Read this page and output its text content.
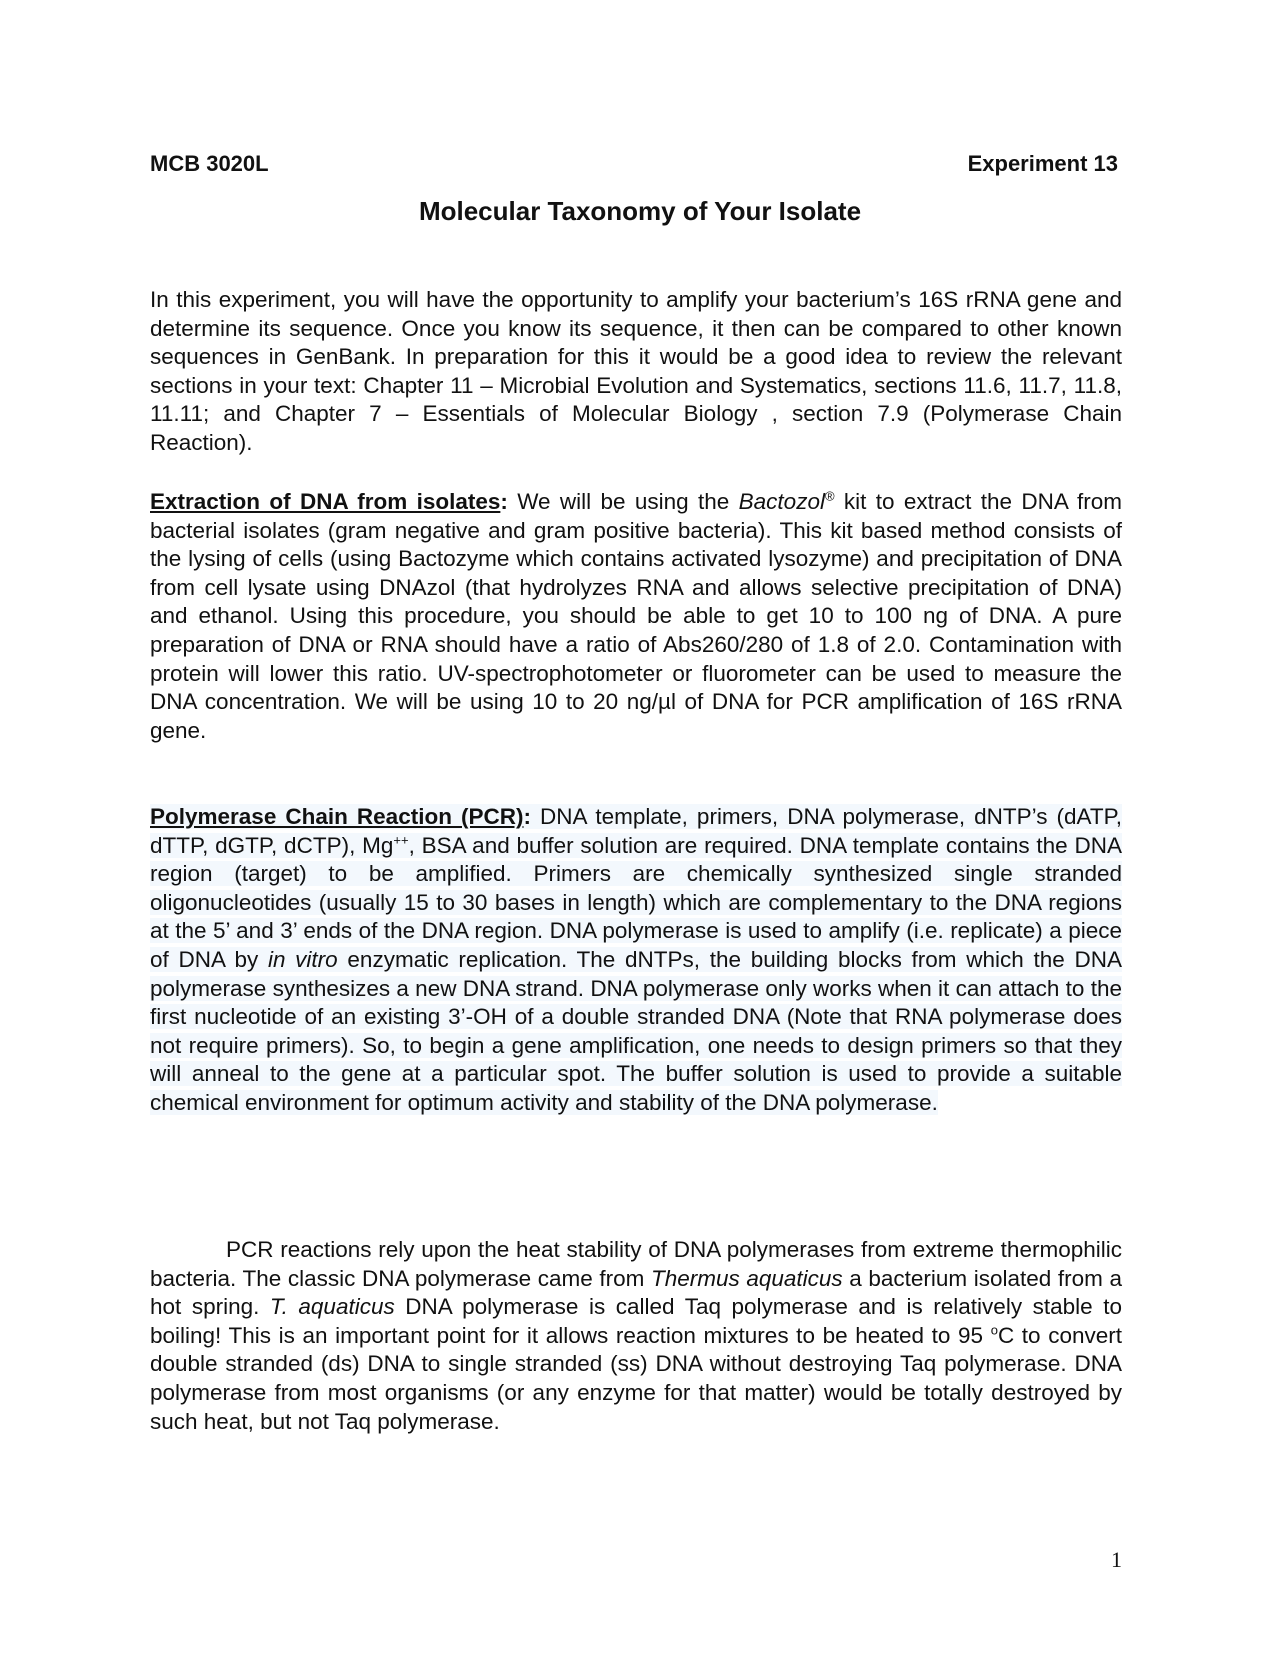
MCB 3020L	Experiment 13
Molecular Taxonomy of Your Isolate
In this experiment, you will have the opportunity to amplify your bacterium’s 16S rRNA gene and determine its sequence. Once you know its sequence, it then can be compared to other known sequences in GenBank. In preparation for this it would be a good idea to review the relevant sections in your text: Chapter 11 – Microbial Evolution and Systematics, sections 11.6, 11.7, 11.8, 11.11; and Chapter 7 – Essentials of Molecular Biology , section 7.9 (Polymerase Chain Reaction).
Extraction of DNA from isolates: We will be using the Bactozol® kit to extract the DNA from bacterial isolates (gram negative and gram positive bacteria). This kit based method consists of the lysing of cells (using Bactozyme which contains activated lysozyme) and precipitation of DNA from cell lysate using DNAzol (that hydrolyzes RNA and allows selective precipitation of DNA) and ethanol. Using this procedure, you should be able to get 10 to 100 ng of DNA. A pure preparation of DNA or RNA should have a ratio of Abs260/280 of 1.8 of 2.0. Contamination with protein will lower this ratio. UV-spectrophotometer or fluorometer can be used to measure the DNA concentration. We will be using 10 to 20 ng/µl of DNA for PCR amplification of 16S rRNA gene.
Polymerase Chain Reaction (PCR): DNA template, primers, DNA polymerase, dNTP’s (dATP, dTTP, dGTP, dCTP), Mg++, BSA and buffer solution are required. DNA template contains the DNA region (target) to be amplified. Primers are chemically synthesized single stranded oligonucleotides (usually 15 to 30 bases in length) which are complementary to the DNA regions at the 5’ and 3’ ends of the DNA region. DNA polymerase is used to amplify (i.e. replicate) a piece of DNA by in vitro enzymatic replication. The dNTPs, the building blocks from which the DNA polymerase synthesizes a new DNA strand. DNA polymerase only works when it can attach to the first nucleotide of an existing 3’-OH of a double stranded DNA (Note that RNA polymerase does not require primers). So, to begin a gene amplification, one needs to design primers so that they will anneal to the gene at a particular spot. The buffer solution is used to provide a suitable chemical environment for optimum activity and stability of the DNA polymerase.
PCR reactions rely upon the heat stability of DNA polymerases from extreme thermophilic bacteria. The classic DNA polymerase came from Thermus aquaticus a bacterium isolated from a hot spring. T. aquaticus DNA polymerase is called Taq polymerase and is relatively stable to boiling! This is an important point for it allows reaction mixtures to be heated to 95 $^o$C to convert double stranded (ds) DNA to single stranded (ss) DNA without destroying Taq polymerase. DNA polymerase from most organisms (or any enzyme for that matter) would be totally destroyed by such heat, but not Taq polymerase.
1
